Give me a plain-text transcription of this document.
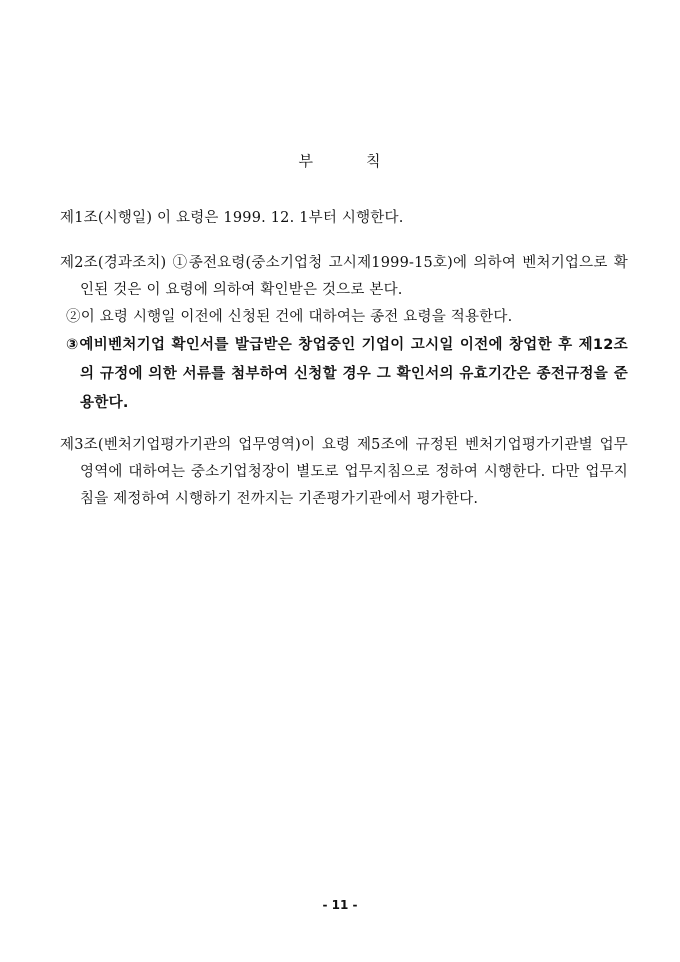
부	칙

제1조(시행일) 이 요령은 1999. 12. 1부터 시행한다.

제2조(경과조치) ①종전요령(중소기업청 고시제1999-15호)에 의하여 벤처기업으로 확인된 것은 이 요령에 의하여 확인받은 것으로 본다.

②이 요령 시행일 이전에 신청된 건에 대하여는 종전 요령을 적용한다.

③예비벤처기업 확인서를 발급받은 창업중인 기업이 고시일 이전에 창업한 후 제12조의 규정에 의한 서류를 첨부하여 신청할 경우 그 확인서의 유효기간은 종전규정을 준용한다.

제3조(벤처기업평가기관의 업무영역)이 요령 제5조에 규정된 벤처기업평가기관별 업무영역에 대하여는 중소기업청장이 별도로 업무지침으로 정하여 시행한다. 다만 업무지침을 제정하여 시행하기 전까지는 기존평가기관에서 평가한다.

- 11 -
